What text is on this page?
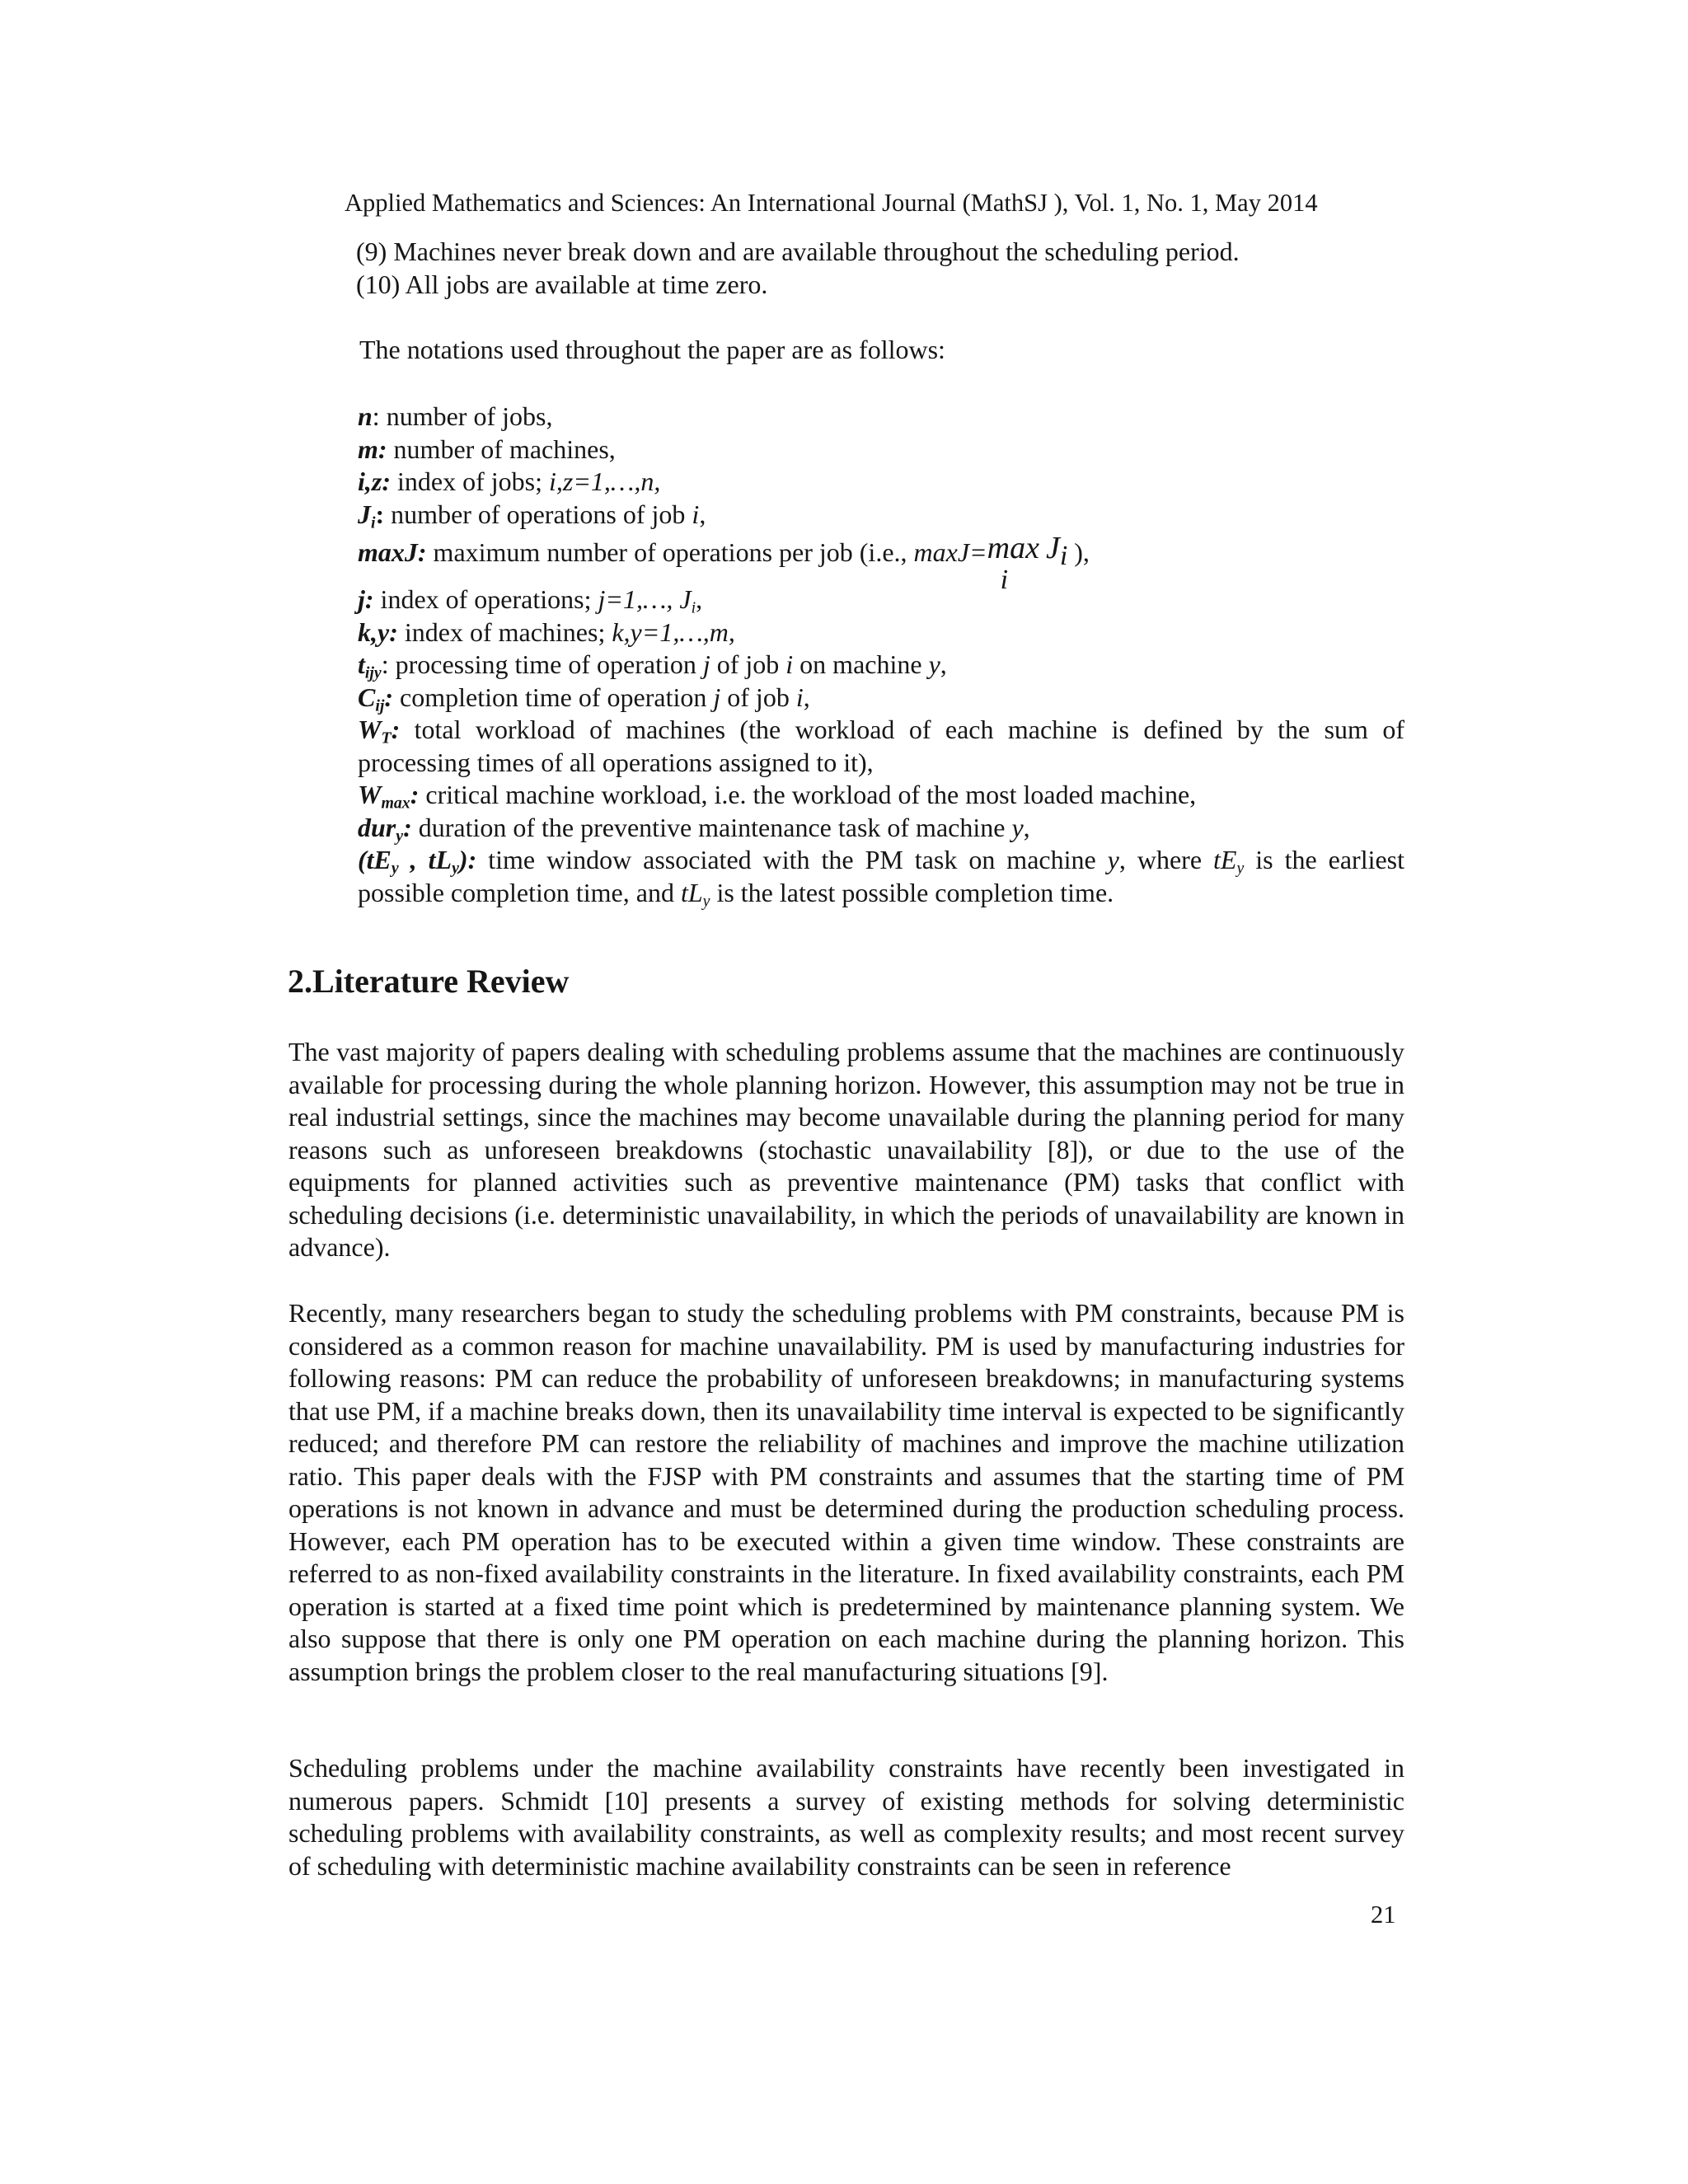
Applied Mathematics and Sciences: An International Journal (MathSJ ), Vol. 1, No. 1, May 2014
(9) Machines never break down and are available throughout the scheduling period.
(10) All jobs are available at time zero.
The notations used throughout the paper are as follows:
n: number of jobs,
m: number of machines,
i,z: index of jobs; i,z=1,…,n,
$J_i$: number of operations of job i,
maxJ: maximum number of operations per job (i.e., maxJ=max
i
Ji ),
j: index of operations; j=1,…, $J_i$,
k,y: index of machines; k,y=1,…,m,
$t_{ijy}$: processing time of operation j of job i on machine y,
$C_{ij}$: completion time of operation j of job i,
$W_T$: total workload of machines (the workload of each machine is defined by the sum of processing times of all operations assigned to it),
$W_{max}$: critical machine workload, i.e. the workload of the most loaded machine,
dur$_y$: duration of the preventive maintenance task of machine y,
($tE_y$ , $tL_y$): time window associated with the PM task on machine y, where $tE_y$ is the earliest possible completion time, and $tL_y$ is the latest possible completion time.
2.Literature Review

The vast majority of papers dealing with scheduling problems assume that the machines are continuously available for processing during the whole planning horizon. However, this assumption may not be true in real industrial settings, since the machines may become unavailable during the planning period for many reasons such as unforeseen breakdowns (stochastic unavailability [8]), or due to the use of the equipments for planned activities such as preventive maintenance (PM) tasks that conflict with scheduling decisions (i.e. deterministic unavailability, in which the periods of unavailability are known in advance).

Recently, many researchers began to study the scheduling problems with PM constraints, because PM is considered as a common reason for machine unavailability. PM is used by manufacturing industries for following reasons: PM can reduce the probability of unforeseen breakdowns; in manufacturing systems that use PM, if a machine breaks down, then its unavailability time interval is expected to be significantly reduced; and therefore PM can restore the reliability of machines and improve the machine utilization ratio. This paper deals with the FJSP with PM constraints and assumes that the starting time of PM operations is not known in advance and must be determined during the production scheduling process. However, each PM operation has to be executed within a given time window. These constraints are referred to as non-fixed availability constraints in the literature. In fixed availability constraints, each PM operation is started at a fixed time point which is predetermined by maintenance planning system. We also suppose that there is only one PM operation on each machine during the planning horizon. This assumption brings the problem closer to the real manufacturing situations [9].

Scheduling problems under the machine availability constraints have recently been investigated in numerous papers. Schmidt [10] presents a survey of existing methods for solving deterministic scheduling problems with availability constraints, as well as complexity results; and most recent survey of scheduling with deterministic machine availability constraints can be seen in reference

21
